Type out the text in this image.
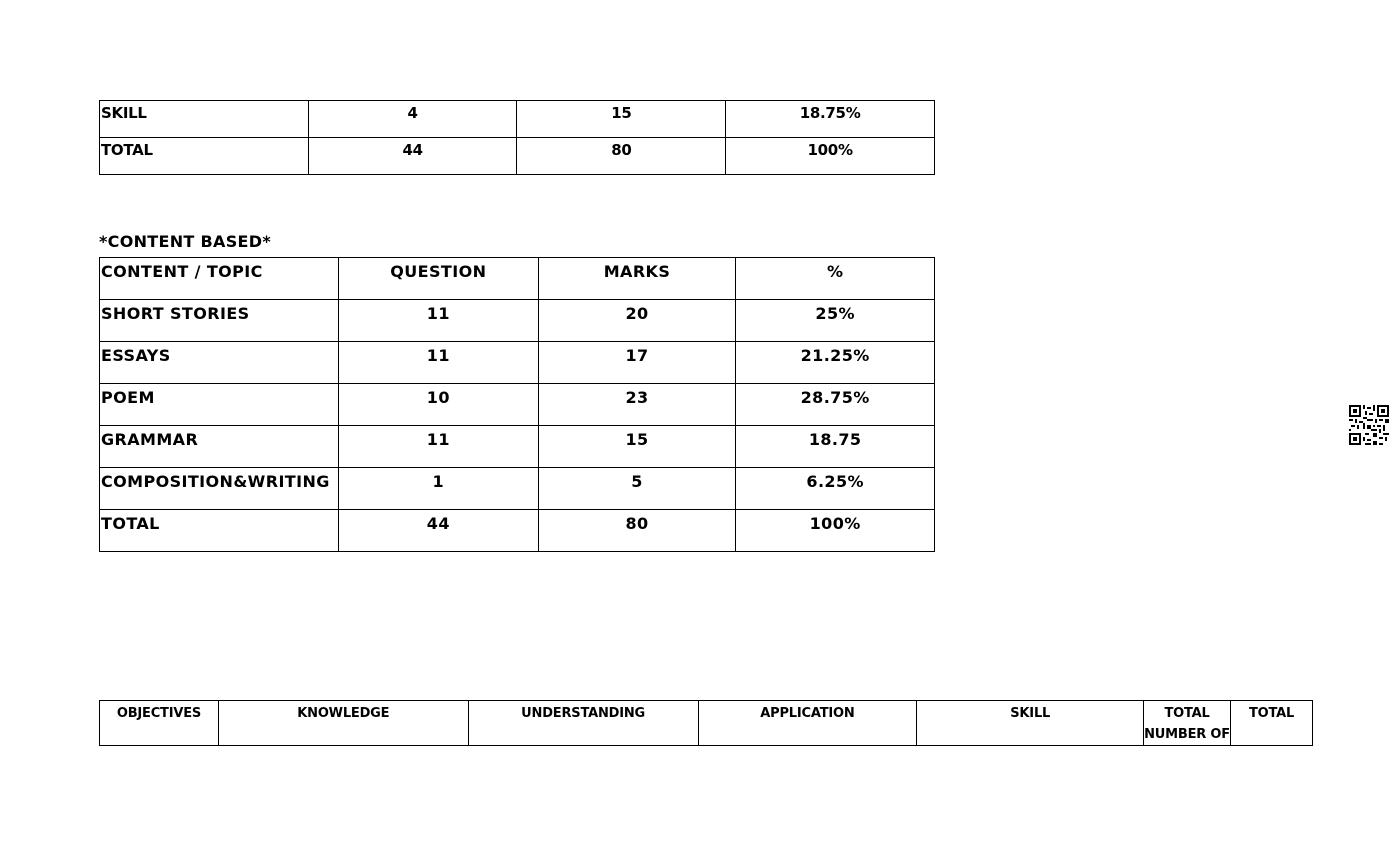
SKILL	4	15	18.75%
TOTAL	44	80	100%

*CONTENT BASED*

CONTENT / TOPIC	QUESTION	MARKS	%
SHORT STORIES	11	20	25%
ESSAYS	11	17	21.25%
POEM	10	23	28.75%
GRAMMAR	11	15	18.75
COMPOSITION&WRITING	1	5	6.25%
TOTAL	44	80	100%
OBJECTIVES	KNOWLEDGE	UNDERSTANDING	APPLICATION	SKILL	TOTAL NUMBER OF	TOTAL
